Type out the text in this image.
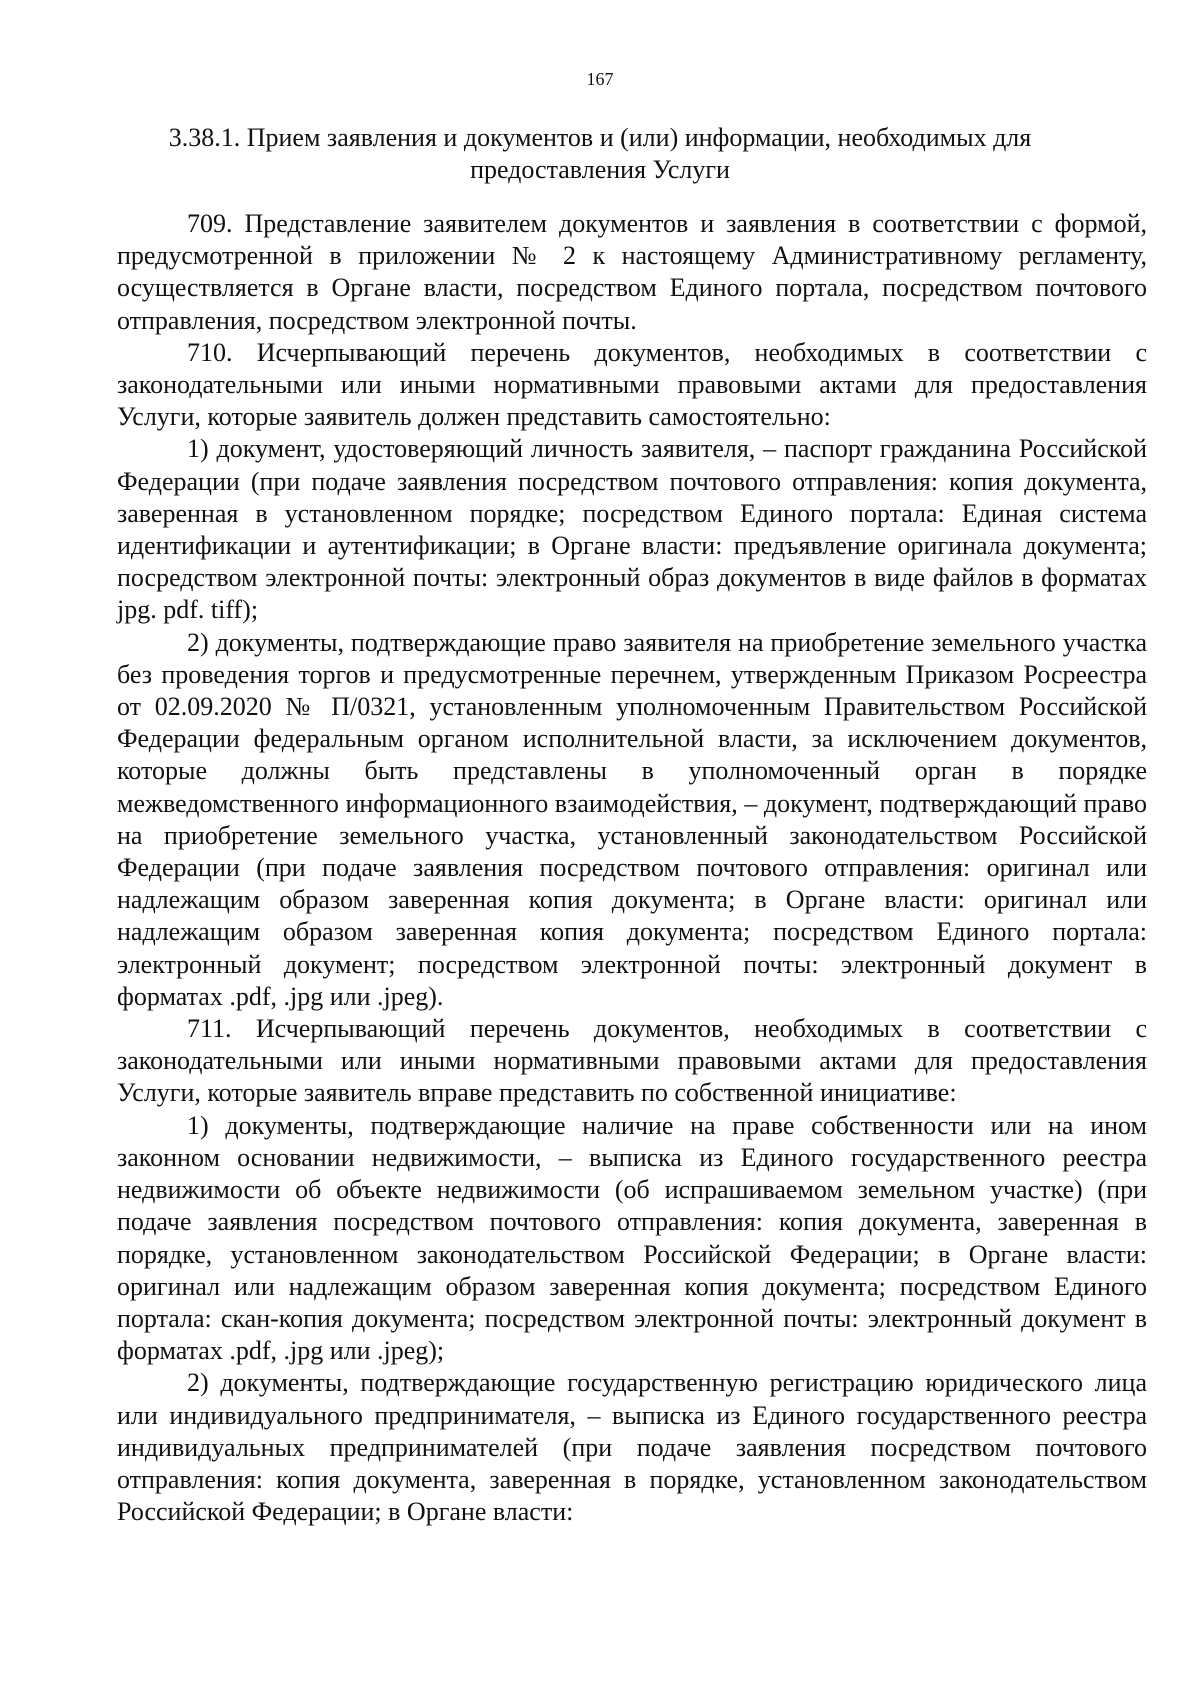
167
3.38.1. Прием заявления и документов и (или) информации, необходимых для
предоставления Услуги

709. Представление заявителем документов и заявления в соответствии с формой, предусмотренной в приложении № 2 к настоящему Административному регламенту, осуществляется в Органе власти, посредством Единого портала, посредством почтового отправления, посредством электронной почты.

710. Исчерпывающий перечень документов, необходимых в соответствии с законодательными или иными нормативными правовыми актами для предоставления Услуги, которые заявитель должен представить самостоятельно:

1) документ, удостоверяющий личность заявителя, – паспорт гражданина Российской Федерации (при подаче заявления посредством почтового отправления: копия документа, заверенная в установленном порядке; посредством Единого портала: Единая система идентификации и аутентификации; в Органе власти: предъявление оригинала документа; посредством электронной почты: электронный образ документов в виде файлов в форматах jpg. pdf. tiff);

2) документы, подтверждающие право заявителя на приобретение земельного участка без проведения торгов и предусмотренные перечнем, утвержденным Приказом Росреестра от 02.09.2020 № П/0321, установленным уполномоченным Правительством Российской Федерации федеральным органом исполнительной власти, за исключением документов, которые должны быть представлены в уполномоченный орган в порядке межведомственного информационного взаимодействия, – документ, подтверждающий право на приобретение земельного участка, установленный законодательством Российской Федерации (при подаче заявления посредством почтового отправления: оригинал или надлежащим образом заверенная копия документа; в Органе власти: оригинал или надлежащим образом заверенная копия документа; посредством Единого портала: электронный документ; посредством электронной почты: электронный документ в форматах .pdf, .jpg или .jpeg).

711. Исчерпывающий перечень документов, необходимых в соответствии с законодательными или иными нормативными правовыми актами для предоставления Услуги, которые заявитель вправе представить по собственной инициативе:

1) документы, подтверждающие наличие на праве собственности или на ином законном основании недвижимости, – выписка из Единого государственного реестра недвижимости об объекте недвижимости (об испрашиваемом земельном участке) (при подаче заявления посредством почтового отправления: копия документа, заверенная в порядке, установленном законодательством Российской Федерации; в Органе власти: оригинал или надлежащим образом заверенная копия документа; посредством Единого портала: скан-копия документа; посредством электронной почты: электронный документ в форматах .pdf, .jpg или .jpeg);

2) документы, подтверждающие государственную регистрацию юридического лица или индивидуального предпринимателя, – выписка из Единого государственного реестра индивидуальных предпринимателей (при подаче заявления посредством почтового отправления: копия документа, заверенная в порядке, установленном законодательством Российской Федерации; в Органе власти:
